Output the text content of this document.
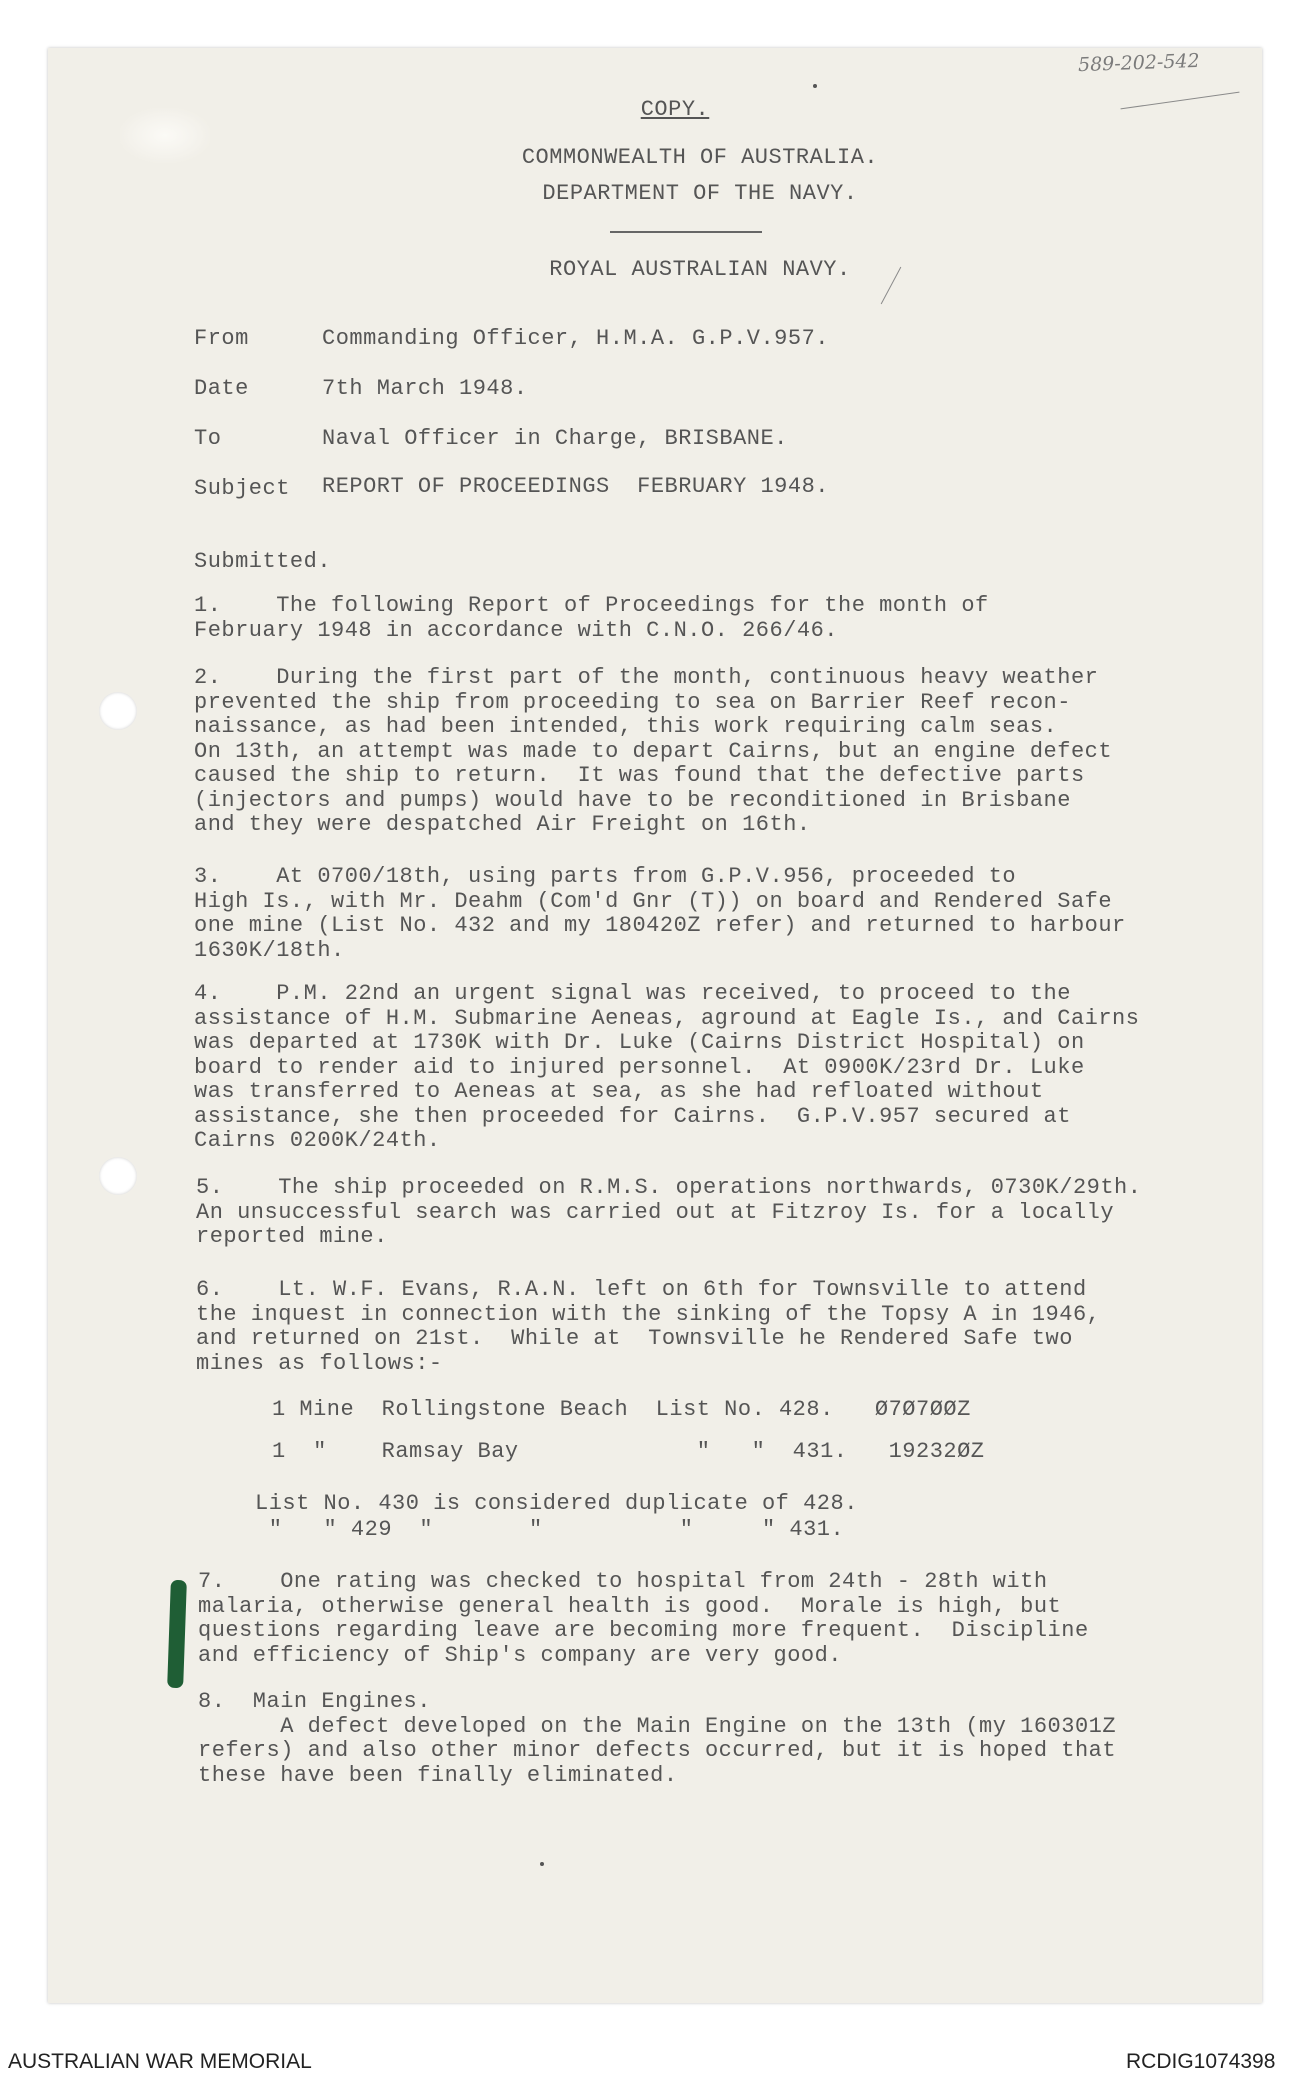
589-202-542
COPY.
COMMONWEALTH OF AUSTRALIA.
DEPARTMENT OF THE NAVY.
ROYAL AUSTRALIAN NAVY.
From	Commanding Officer, H.M.A. G.P.V.957.
Date	7th March 1948.
To	Naval Officer in Charge, BRISBANE.
Subject REPORT OF PROCEEDINGS  FEBRUARY 1948.
Submitted.
1.    The following Report of Proceedings for the month of
February 1948 in accordance with C.N.O. 266/46.
2.    During the first part of the month, continuous heavy weather
prevented the ship from proceeding to sea on Barrier Reef recon-
naissance, as had been intended, this work requiring calm seas.
On 13th, an attempt was made to depart Cairns, but an engine defect
caused the ship to return.  It was found that the defective parts
(injectors and pumps) would have to be reconditioned in Brisbane
and they were despatched Air Freight on 16th.
3.    At 0700/18th, using parts from G.P.V.956, proceeded to
High Is., with Mr. Deahm (Com'd Gnr (T)) on board and Rendered Safe
one mine (List No. 432 and my 180420Z refer) and returned to harbour
1630K/18th.
4.    P.M. 22nd an urgent signal was received, to proceed to the
assistance of H.M. Submarine Aeneas, aground at Eagle Is., and Cairns
was departed at 1730K with Dr. Luke (Cairns District Hospital) on
board to render aid to injured personnel.  At 0900K/23rd Dr. Luke
was transferred to Aeneas at sea, as she had refloated without
assistance, she then proceeded for Cairns.  G.P.V.957 secured at
Cairns 0200K/24th.
5.    The ship proceeded on R.M.S. operations northwards, 0730K/29th.
An unsuccessful search was carried out at Fitzroy Is. for a locally
reported mine.
6.    Lt. W.F. Evans, R.A.N. left on 6th for Townsville to attend
the inquest in connection with the sinking of the Topsy A in 1946,
and returned on 21st.  While at  Townsville he Rendered Safe two
mines as follows:-
1 Mine  Rollingstone Beach  List No. 428.   Ø7Ø7ØØZ
1  "    Ramsay Bay             "   "  431.   19232ØZ
List No. 430 is considered duplicate of 428.
"   " 429  "       "          "     " 431.
7.    One rating was checked to hospital from 24th - 28th with
malaria, otherwise general health is good.  Morale is high, but
questions regarding leave are becoming more frequent.  Discipline
and efficiency of Ship's company are very good.
8.  Main Engines.
A defect developed on the Main Engine on the 13th (my 160301Z
refers) and also other minor defects occurred, but it is hoped that
these have been finally eliminated.
AUSTRALIAN WAR MEMORIAL	RCDIG1074398
